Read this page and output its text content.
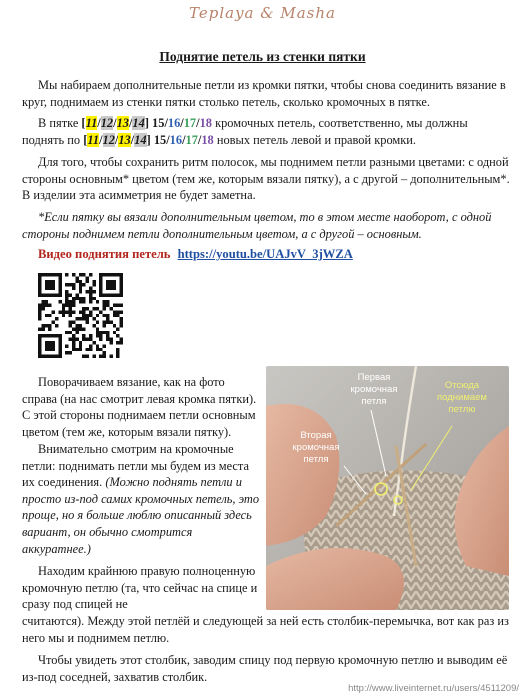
Teplaya & Masha
Поднятие петель из стенки пятки
Мы набираем дополнительные петли из кромки пятки, чтобы снова соединить вязание в круг, поднимаем из стенки пятки столько петель, сколько кромочных в пятке.
В пятке [11/12/13/14] 15/16/17/18 кромочных петель, соответственно, мы должны поднять по [11/12/13/14] 15/16/17/18 новых петель левой и правой кромки.
Для того, чтобы сохранить ритм полосок, мы поднимем петли разными цветами: с одной стороны основным* цветом (тем же, которым вязали пятку), а с другой – дополнительным*. В изделии эта асимметрия не будет заметна.
*Если пятку вы вязали дополнительным цветом, то в этом месте наоборот, с одной стороны поднимем петли дополнительным цветом, а с другой – основным.
Видео поднятия петель https://youtu.be/UAJvV_3jWZA
Первая кромочная петля
Вторая кромочная петля
Отсюда поднимаем петлю
Поворачиваем вязание, как на фото справа (на нас смотрит левая кромка пятки). С этой стороны поднимаем петли основным цветом (тем же, которым вязали пятку).
Внимательно смотрим на кромочные петли: поднимать петли мы будем из места их соединения. (Можно поднять петли и просто из-под самих кромочных петель, это проще, но я больше люблю описанный здесь вариант, он обычно смотрится аккуратнее.)
Находим крайнюю правую полноценную кромочную петлю (та, что сейчас на спице и сразу под спицей не
считаются). Между этой петлёй и следующей за ней есть столбик-перемычка, вот как раз из него мы и поднимем петлю.
Чтобы увидеть этот столбик, заводим спицу под первую кромочную петлю и выводим её из-под соседней, захватив столбик.
http://www.liveinternet.ru/users/4511209/
